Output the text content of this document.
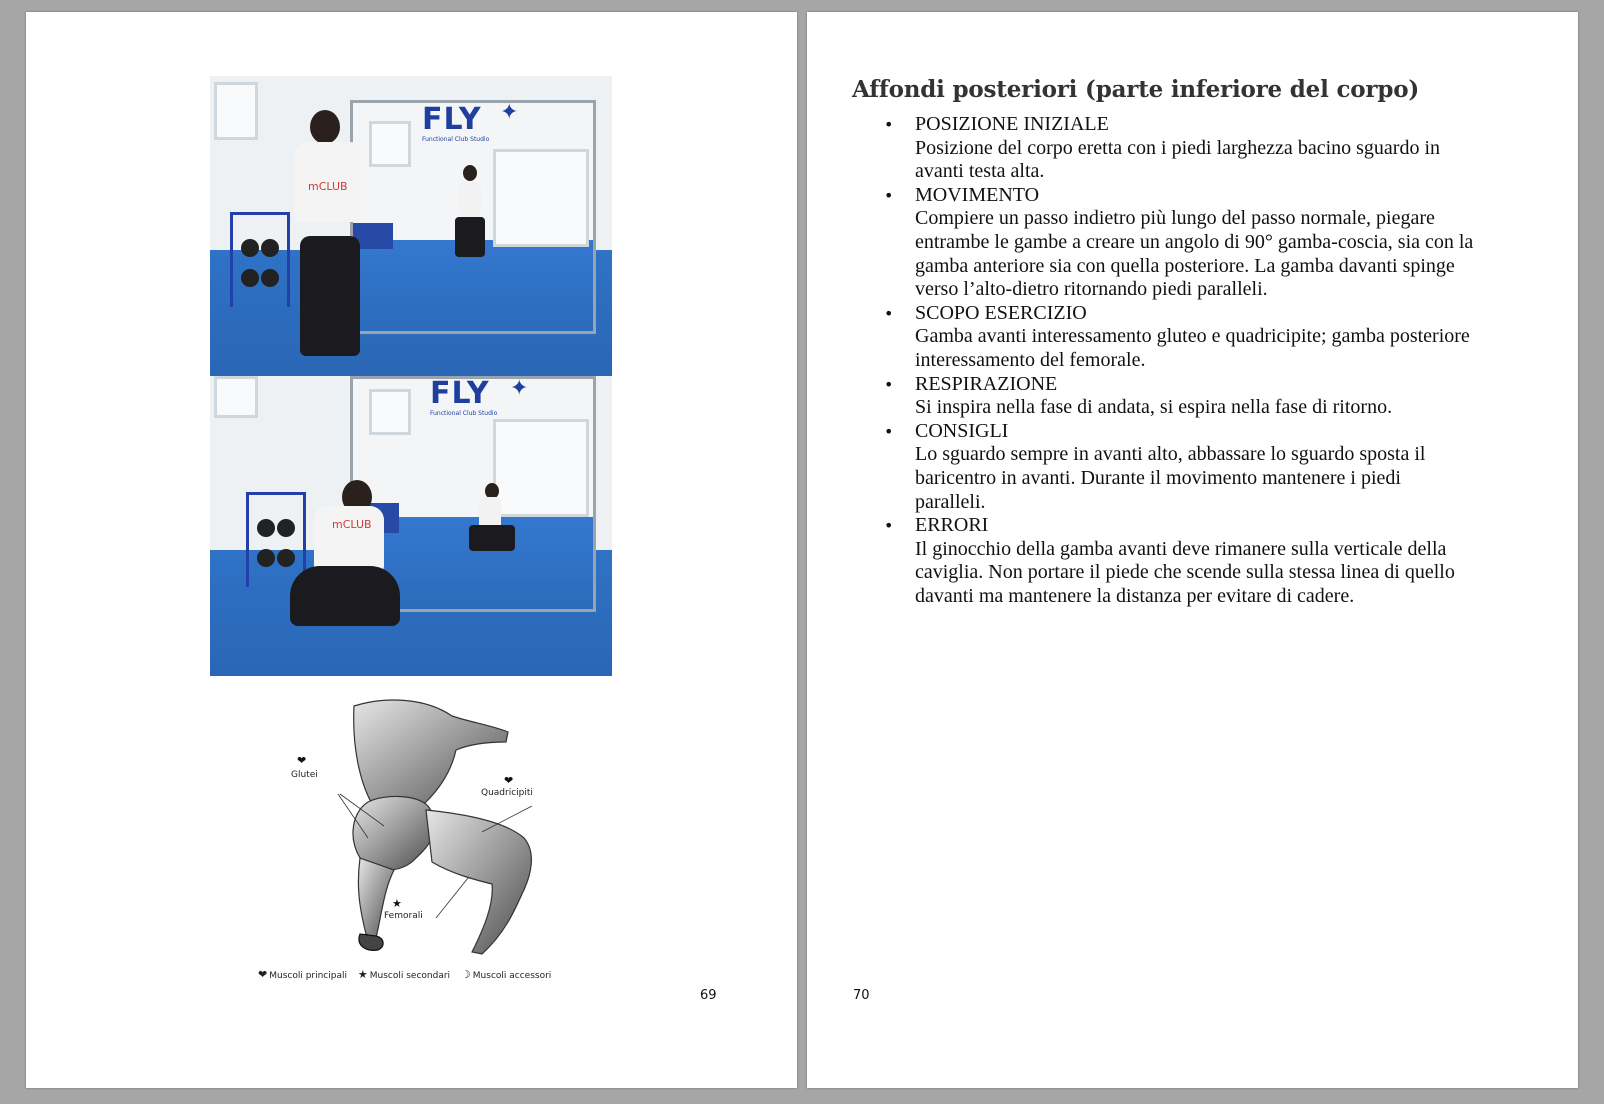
FLY
Functional Club Studio
✦
mCLUB
FLY
Functional Club Studio
✦
mCLUB
❤
Glutei	❤
Quadricipiti
★
Femorali
❤ Muscoli principali ★ Muscoli secondari ☽ Muscoli accessori
69
Affondi posteriori (parte inferiore del corpo)
• POSIZIONE INIZIALE
Posizione del corpo eretta con i piedi larghezza bacino sguardo in avanti testa alta.
• MOVIMENTO
Compiere un passo indietro più lungo del passo normale, piegare entrambe le gambe a creare un angolo di 90° gamba-coscia, sia con la gamba anteriore sia con quella posteriore. La gamba davanti spinge verso l’alto-dietro ritornando piedi paralleli.
• SCOPO ESERCIZIO
Gamba avanti interessamento gluteo e quadricipite; gamba posteriore interessamento del femorale.
• RESPIRAZIONE
Si inspira nella fase di andata, si espira nella fase di ritorno.
• CONSIGLI
Lo sguardo sempre in avanti alto, abbassare lo sguardo sposta il baricentro in avanti. Durante il movimento mantenere i piedi paralleli.
• ERRORI
Il ginocchio della gamba avanti deve rimanere sulla verticale della caviglia. Non portare il piede che scende sulla stessa linea di quello davanti ma mantenere la distanza per evitare di cadere.
70
